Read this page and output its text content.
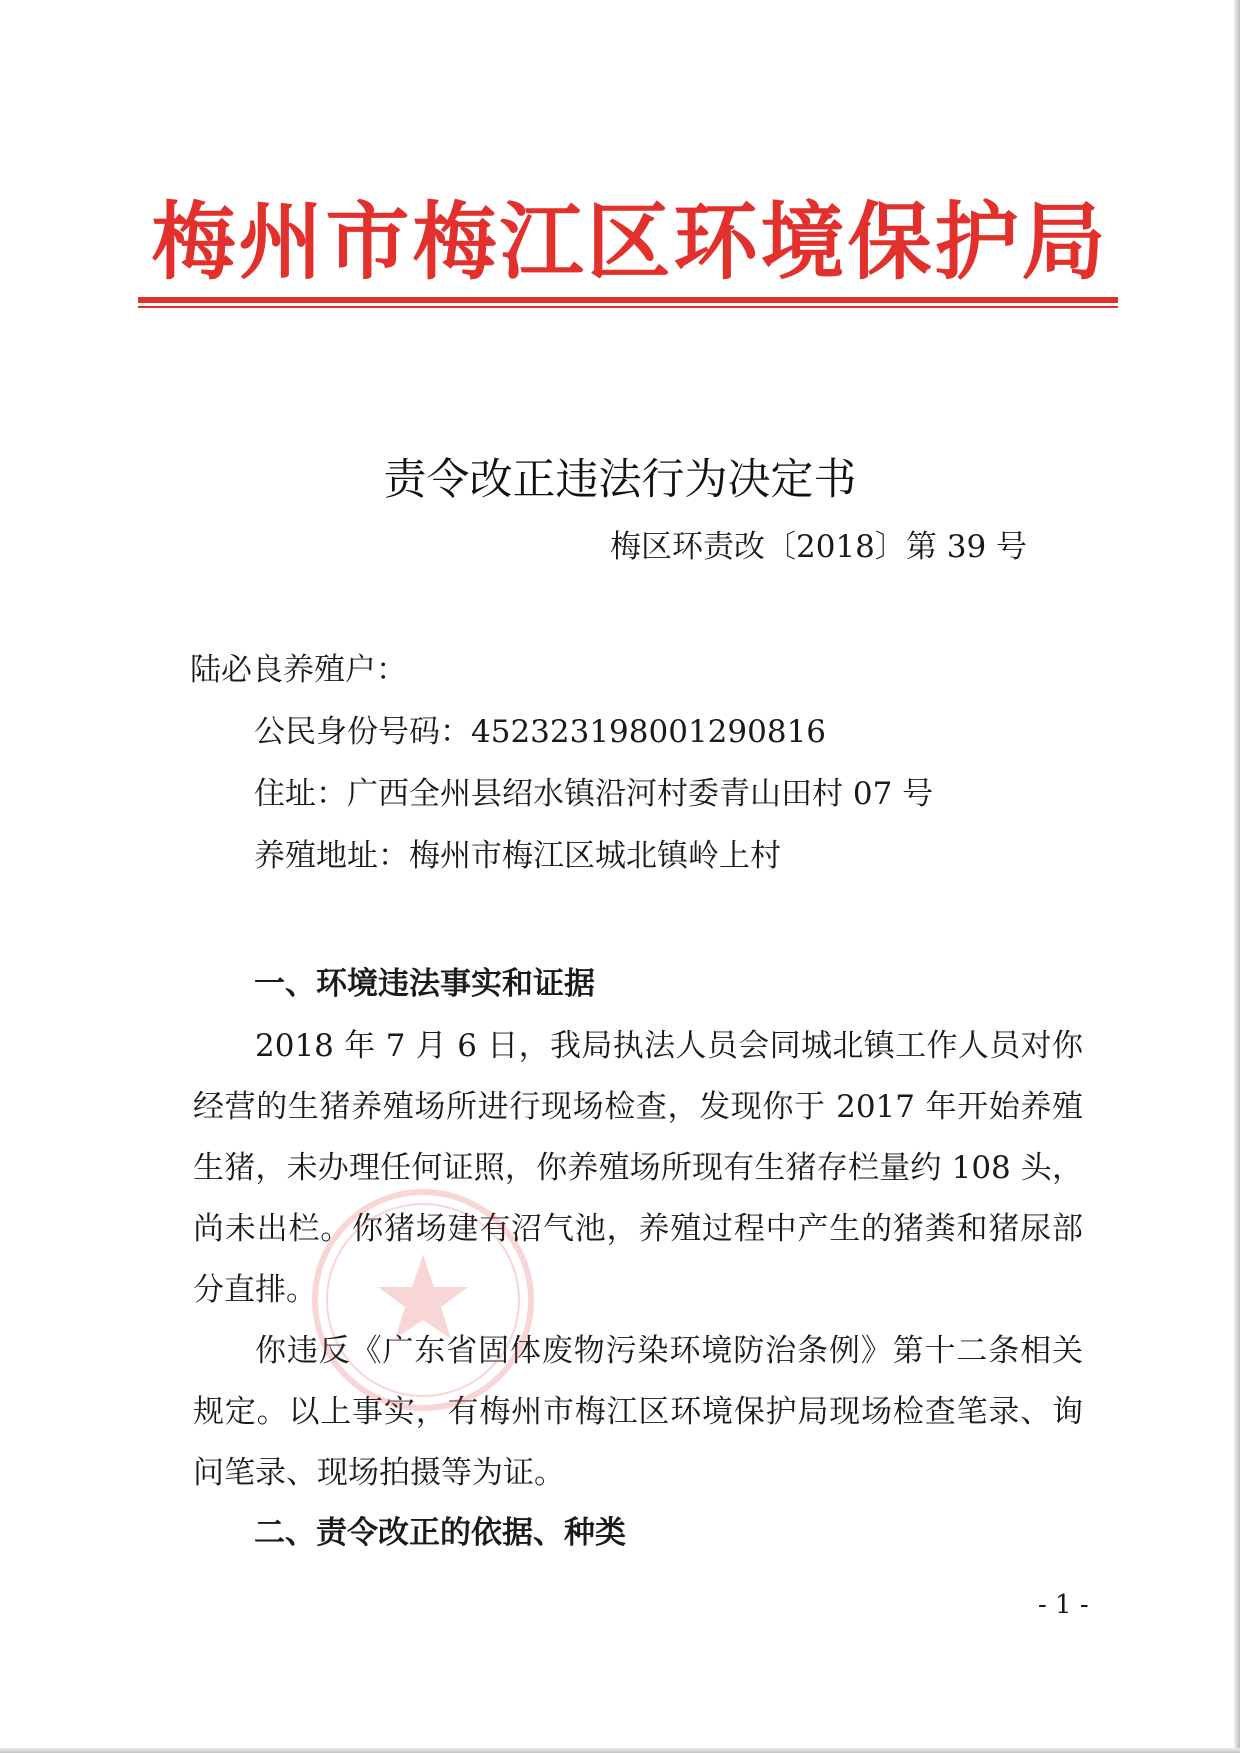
梅州市梅江区环境保护局
责令改正违法行为决定书
梅区环责改〔2018〕第 39 号
陆必良养殖户：
公民身份号码：452323198001290816
住址：广西全州县绍水镇沿河村委青山田村 07 号
养殖地址：梅州市梅江区城北镇岭上村
一、环境违法事实和证据
2018 年 7 月 6 日，我局执法人员会同城北镇工作人员对你经营的生猪养殖场所进行现场检查，发现你于 2017 年开始养殖生猪，未办理任何证照，你养殖场所现有生猪存栏量约 108 头，尚未出栏。你猪场建有沼气池，养殖过程中产生的猪粪和猪尿部分直排。
你违反《广东省固体废物污染环境防治条例》第十二条相关规定。以上事实，有梅州市梅江区环境保护局现场检查笔录、询问笔录、现场拍摄等为证。
二、责令改正的依据、种类
- 1 -
